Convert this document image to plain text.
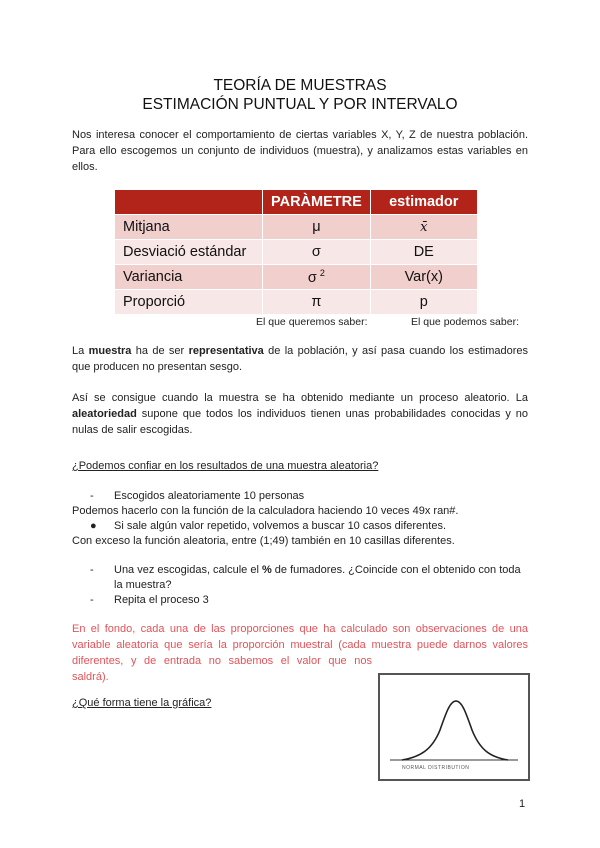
TEORÍA DE MUESTRAS
ESTIMACIÓN PUNTUAL Y POR INTERVALO
Nos interesa conocer el comportamiento de ciertas variables X, Y, Z de nuestra población. Para ello escogemos un conjunto de individuos (muestra), y analizamos estas variables en ellos.
	PARÀMETRE	estimador
Mitjana	μ	x̄
Desviació estándar	σ	DE
Variancia	σ $^2$	Var(x)
Proporció	π	p
El que queremos saber:	El que podemos saber:
La muestra ha de ser representativa de la población, y así pasa cuando los estimadores que producen no presentan sesgo.
Así se consigue cuando la muestra se ha obtenido mediante un proceso aleatorio. La aleatoriedad supone que todos los individuos tienen unas probabilidades conocidas y no nulas de salir escogidas.
¿Podemos confiar en los resultados de una muestra aleatoria?
- Escogidos aleatoriamente 10 personas
Podemos hacerlo con la función de la calculadora haciendo 10 veces 49x ran#.
● Si sale algún valor repetido, volvemos a buscar 10 casos diferentes.
Con exceso la función aleatoria, entre (1;49) también en 10 casillas diferentes.
- Una vez escogidas, calcule el % de fumadores. ¿Coincide con el obtenido con toda
la muestra?
- Repita el proceso 3
En el fondo, cada una de las proporciones que ha calculado son observaciones de una
variable aleatoria que sería la proporción muestral (cada muestra puede darnos valores
diferentes, y de entrada no sabemos el valor que nos
saldrá).
¿Qué forma tiene la gráfica?
NORMAL DISTRIBUTION
1
